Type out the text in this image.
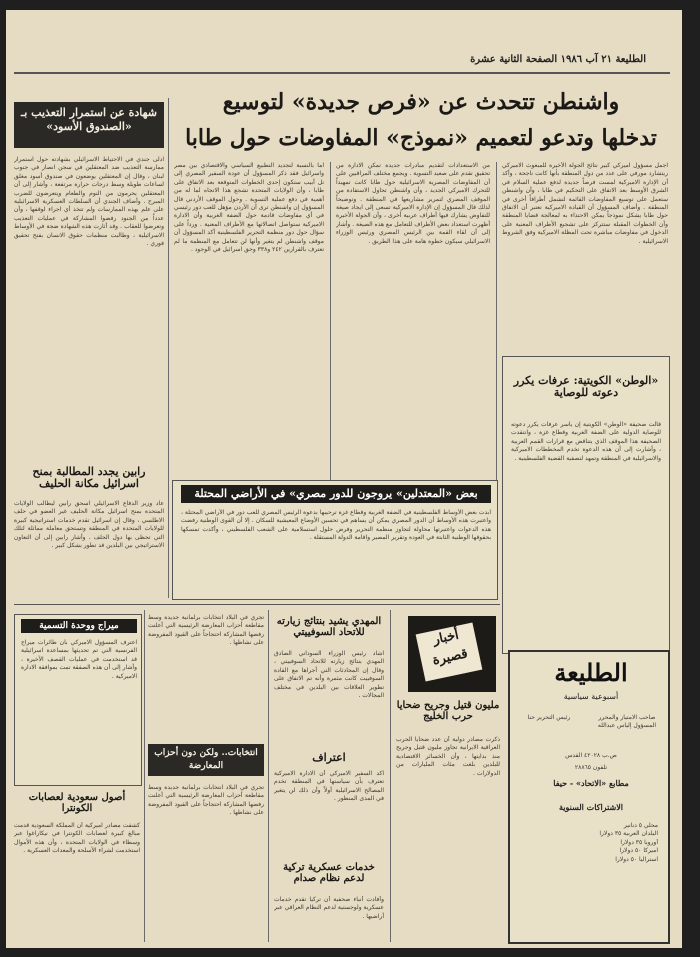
الطليعة ٢١ آب ١٩٨٦ الصفحة الثانية عشرة
واشنطن تتحدث عن «فرص جديدة» لتوسيع
تدخلها وتدعو لتعميم «نموذج» المفاوضات حول طابا
اجمل مسؤول اميركي كبير نتائج الجولة الأخيرة للمبعوث الاميركي ريتشارد مورفي على عدد من دول المنطقة بأنها كانت ناجحة ، وأكد أن الإدارة الاميركية لمست فرصاً جديدة لدفع عملية السلام في الشرق الأوسط بعد الاتفاق على التحكيم في طابا ، وأن واشنطن ستعمل على توسيع المفاوضات القائمة لتشمل أطرافاً أخرى في المنطقة . وأضاف المسؤول أن القيادة الاميركية تعتبر أن الاتفاق حول طابا يشكل نموذجاً يمكن الاحتذاء به لمعالجة قضايا المنطقة وأن الخطوات المقبلة ستتركز على تشجيع الأطراف المعنية على الدخول في مفاوضات مباشرة تحت المظلة الاميركية وفق الشروط الاسرائيلية .
من الاستعدادات لتقديم مبادرات جديدة تمكن الادارة من تحقيق تقدم على صعيد التسوية . ويجمع مختلف المراقبين على أن المفاوضات المصرية الاسرائيلية حول طابا كانت تمهيداً للتحرك الاميركي الجديد ، وأن واشنطن تحاول الاستفادة من الموقف المصري لتمرير مشاريعها في المنطقة . وتوضيحاً لذلك قال المسؤول إن الإدارة الاميركية تسعى إلى ايجاد صيغة للتفاوض يشارك فيها أطراف عربية أخرى ، وأن الجولة الأخيرة أظهرت استعداد بعض الأطراف للتعامل مع هذه الصيغة . وأشار إلى أن لقاء القمة بين الرئيس المصري ورئيس الوزراء الاسرائيلي سيكون خطوة هامة على هذا الطريق .
اما بالنسبة لتجديد التطبيع السياسي والاقتصادي بين مصر واسرائيل فقد ذكر المسؤول أن عودة السفير المصري إلى تل أبيب ستكون إحدى الخطوات المتوقعة بعد الاتفاق على طابا ، وأن الولايات المتحدة تشجع هذا الاتجاه لما له من أهمية في دفع عملية التسوية . وحول الموقف الأردني قال المسؤول إن واشنطن ترى أن الأردن مؤهل للعب دور رئيسي في أي مفاوضات قادمة حول الضفة الغربية وأن الادارة الاميركية ستواصل اتصالاتها مع الأطراف المعنية . ورداً على سؤال حول دور منظمة التحرير الفلسطينية أكد المسؤول أن موقف واشنطن لم يتغير وأنها لن تتعامل مع المنظمة ما لم تعترف بالقرارين ٢٤٢ و٣٣٨ وحق اسرائيل في الوجود .
شهادة عن استمرار التعذيب بـ «الصندوق الأسود»
ادلى جندي في الاحتياط الاسرائيلي بشهادته حول استمرار ممارسة التعذيب ضد المعتقلين في سجن انصار في جنوب لبنان ، وقال إن المعتقلين يوضعون في صندوق أسود مغلق لساعات طويلة وسط درجات حرارة مرتفعة ، وأشار إلى أن المعتقلين يحرمون من النوم والطعام ويتعرضون للضرب المبرح . وأضاف الجندي أن السلطات العسكرية الاسرائيلية على علم بهذه الممارسات ولم تتخذ أي اجراء لوقفها ، وأن عدداً من الجنود رفضوا المشاركة في عمليات التعذيب وتعرضوا للعقاب . وقد أثارت هذه الشهادة ضجة في الأوساط الاسرائيلية ، وطالبت منظمات حقوق الانسان بفتح تحقيق فوري .
رابين يجدد المطالبة بمنح اسرائيل مكانة الحليف
عاد وزير الدفاع الاسرائيلي اسحق رابين ليطالب الولايات المتحدة بمنح اسرائيل مكانة الحليف غير العضو في حلف الاطلسي ، وقال إن اسرائيل تقدم خدمات استراتيجية كبيرة للولايات المتحدة في المنطقة وتستحق معاملة مماثلة لتلك التي تحظى بها دول الحلف . وأشار رابين إلى أن التعاون الاستراتيجي بين البلدين قد تطور بشكل كبير .
«الوطن» الكويتية: عرفات يكرر دعوته للوصاية
قالت صحيفة «الوطن» الكويتية إن ياسر عرفات يكرر دعوته للوصاية الدولية على الضفة الغربية وقطاع غزة ، وانتقدت الصحيفة هذا الموقف الذي يتناقض مع قرارات القمم العربية ، وأشارت إلى أن هذه الدعوة تخدم المخططات الاميركية والاسرائيلية في المنطقة وتمهد لتصفية القضية الفلسطينية .
بعض «المعتدلين» يروجون للدور مصري» في الأراضي المحتلة
ابدت بعض الأوساط الفلسطينية في الضفة الغربية وقطاع غزة ترحيبها بدعوة الرئيس المصري للعب دور في الأراضي المحتلة ، واعتبرت هذه الأوساط أن الدور المصري يمكن أن يساهم في تحسين الأوضاع المعيشية للسكان . إلا أن القوى الوطنية رفضت هذه الدعوات واعتبرتها محاولة لتجاوز منظمة التحرير وفرض حلول استسلامية على الشعب الفلسطيني ، وأكدت تمسكها بحقوقها الوطنية الثابتة في العودة وتقرير المصير واقامة الدولة المستقلة .
ميراج ووحدة التسمية
اعترف المسؤول الاميركي بأن طائرات ميراج الفرنسية التي تم تحديثها بمساعدة اسرائيلية قد استخدمت في عمليات القصف الأخيرة ، وأشار إلى أن هذه الصفقة تمت بموافقة الادارة الاميركية .
أصول سعودية لعصابات الكونترا
كشفت مصادر اميركية أن المملكة السعودية قدمت مبالغ كبيرة لعصابات الكونترا في نيكاراغوا عبر وسطاء في الولايات المتحدة ، وأن هذه الأموال استخدمت لشراء الأسلحة والمعدات العسكرية .
تجري في البلاد انتخابات برلمانية جديدة وسط مقاطعة أحزاب المعارضة الرئيسية التي أعلنت رفضها المشاركة احتجاجاً على القيود المفروضة على نشاطها .
انتخابات.. ولكن دون أحزاب المعارضة
تجري في البلاد انتخابات برلمانية جديدة وسط مقاطعة أحزاب المعارضة الرئيسية التي أعلنت رفضها المشاركة احتجاجاً على القيود المفروضة على نشاطها .
المهدي يشيد بنتائج زيارته للاتحاد السوفييتي
اشاد رئيس الوزراء السوداني الصادق المهدي بنتائج زيارته للاتحاد السوفييتي ، وقال إن المحادثات التي أجراها مع القادة السوفييت كانت مثمرة وأنه تم الاتفاق على تطوير العلاقات بين البلدين في مختلف المجالات .
اعتراف
اكد السفير الاميركي أن الادارة الاميركية تعترف بأن سياستها في المنطقة تخدم المصالح الاسرائيلية أولاً وأن ذلك لن يتغير في المدى المنظور .
خدمات عسكرية تركية لدعم نظام صدام
وأفادت أنباء صحفية أن تركيا تقدم خدمات عسكرية ولوجستية لدعم النظام العراقي عبر أراضيها .
أخبار
قصيرة
مليون قتيل وجريح ضحايا حرب الخليج
ذكرت مصادر دولية أن عدد ضحايا الحرب العراقية الايرانية تجاوز مليون قتيل وجريح منذ بدايتها ، وأن الخسائر الاقتصادية للبلدين بلغت مئات المليارات من الدولارات .
الطليعة
أسبوعية سياسية
صاحب الامتياز والمحرر المسؤول إلياس عبدالله
رئيس التحرير حنا
ص.ب ٤٢٠٢٨ القدس
تلفون ٢٨٨٦٥
مطابع «الاتحاد» - حيفا
الاشتراكات السنوية
محلي ٥ دنانير
البلدان العربية ٣٥ دولاراً
أوروبا ٣٥ دولاراً
اميركا ٥٠ دولاراً
استراليا ٥٠ دولاراً
